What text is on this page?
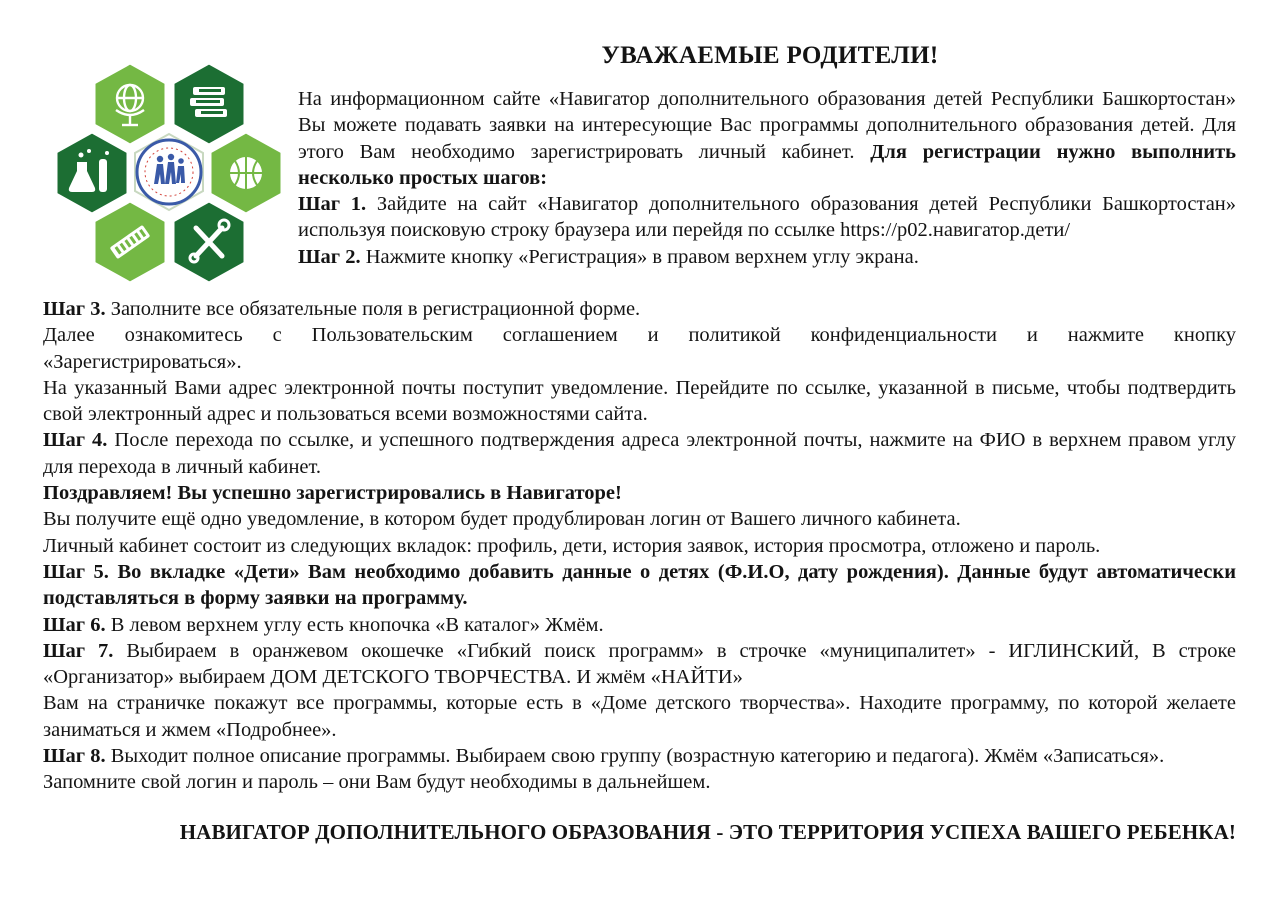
УВАЖАЕМЫЕ РОДИТЕЛИ!

На информационном сайте «Навигатор дополнительного образования детей Республики Башкортостан» Вы можете подавать заявки на интересующие Вас программы дополнительного образования детей. Для этого Вам необходимо зарегистрировать личный кабинет. Для регистрации нужно выполнить несколько простых шагов:

Шаг 1. Зайдите на сайт «Навигатор дополнительного образования детей Республики Башкортостан» используя поисковую строку браузера или перейдя по ссылке https://р02.навигатор.дети/

Шаг 2. Нажмите кнопку «Регистрация» в правом верхнем углу экрана.

Шаг 3. Заполните все обязательные поля в регистрационной форме.

Далее ознакомитесь с Пользовательским соглашением и политикой конфиденциальности и нажмите кнопку

«Зарегистрироваться».

На указанный Вами адрес электронной почты поступит уведомление. Перейдите по ссылке, указанной в письме, чтобы подтвердить свой электронный адрес и пользоваться всеми возможностями сайта.

Шаг 4. После перехода по ссылке, и успешного подтверждения адреса электронной почты, нажмите на ФИО в верхнем правом углу для перехода в личный кабинет.

Поздравляем! Вы успешно зарегистрировались в Навигаторе!

Вы получите ещё одно уведомление, в котором будет продублирован логин от Вашего личного кабинета.

Личный кабинет состоит из следующих вкладок: профиль, дети, история заявок, история просмотра, отложено и пароль.

Шаг 5. Во вкладке «Дети» Вам необходимо добавить данные о детях (Ф.И.О, дату рождения). Данные будут автоматически подставляться в форму заявки на программу.

Шаг 6. В левом верхнем углу есть кнопочка «В каталог» Жмём.

Шаг 7. Выбираем в оранжевом окошечке «Гибкий поиск программ» в строчке «муниципалитет» - ИГЛИНСКИЙ, В строке

«Организатор» выбираем ДОМ ДЕТСКОГО ТВОРЧЕСТВА. И жмём «НАЙТИ»

Вам на страничке покажут все программы, которые есть в «Доме детского творчества». Находите программу, по которой желаете заниматься и жмем «Подробнее».

Шаг 8. Выходит полное описание программы. Выбираем свою группу (возрастную категорию и педагога). Жмём «Записаться».

Запомните свой логин и пароль – они Вам будут необходимы в дальнейшем.

НАВИГАТОР ДОПОЛНИТЕЛЬНОГО ОБРАЗОВАНИЯ - ЭТО ТЕРРИТОРИЯ УСПЕХА ВАШЕГО РЕБЕНКА!
